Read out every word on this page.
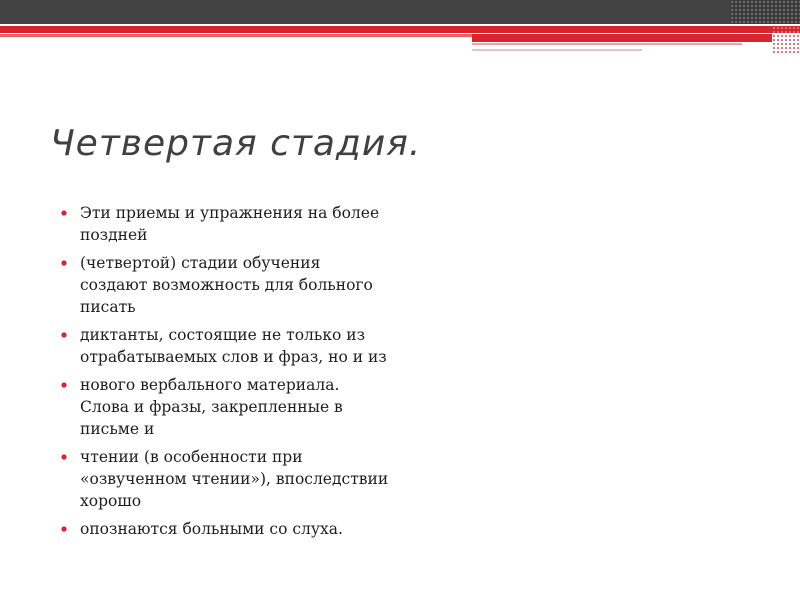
Четвертая стадия.
Эти приемы и упражнения на более поздней
(четвертой) стадии обучения создают возможность для больного писать
диктанты, состоящие не только из отрабатываемых слов и фраз, но и из
нового вербального материала. Слова и фразы, закрепленные в письме и
чтении (в особенности при «озвученном чтении»), впоследствии хорошо
опознаются больными со слуха.
